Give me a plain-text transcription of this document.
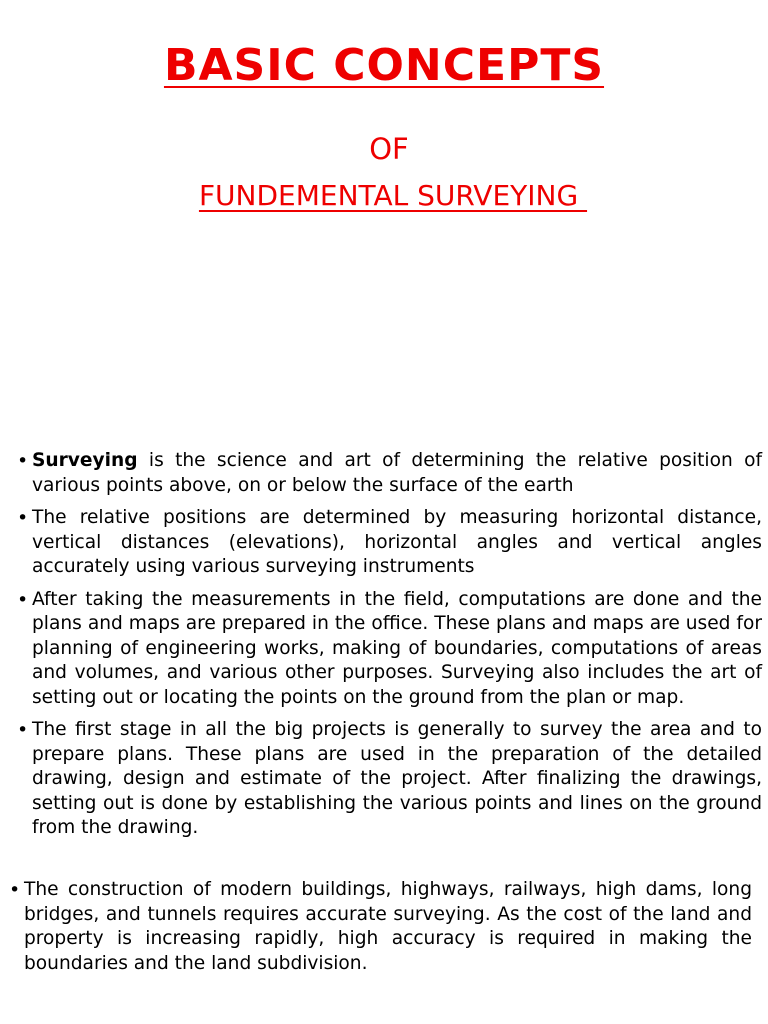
BASIC CONCEPTS
OF
FUNDEMENTAL SURVEYING
• Surveying is the science and art of determining the relative position of various points above, on or below the surface of the earth
• The relative positions are determined by measuring horizontal distance, vertical distances (elevations), horizontal angles and vertical angles accurately using various surveying instruments
• After taking the measurements in the field, computations are done and the plans and maps are prepared in the office. These plans and maps are used for planning of engineering works, making of boundaries, computations of areas and volumes, and various other purposes. Surveying also includes the art of setting out or locating the points on the ground from the plan or map.
• The first stage in all the big projects is generally to survey the area and to prepare plans. These plans are used in the preparation of the detailed drawing, design and estimate of the project. After finalizing the drawings, setting out is done by establishing the various points and lines on the ground from the drawing.
• The construction of modern buildings, highways, railways, high dams, long bridges, and tunnels requires accurate surveying. As the cost of the land and property is increasing rapidly, high accuracy is required in making the boundaries and the land subdivision.
